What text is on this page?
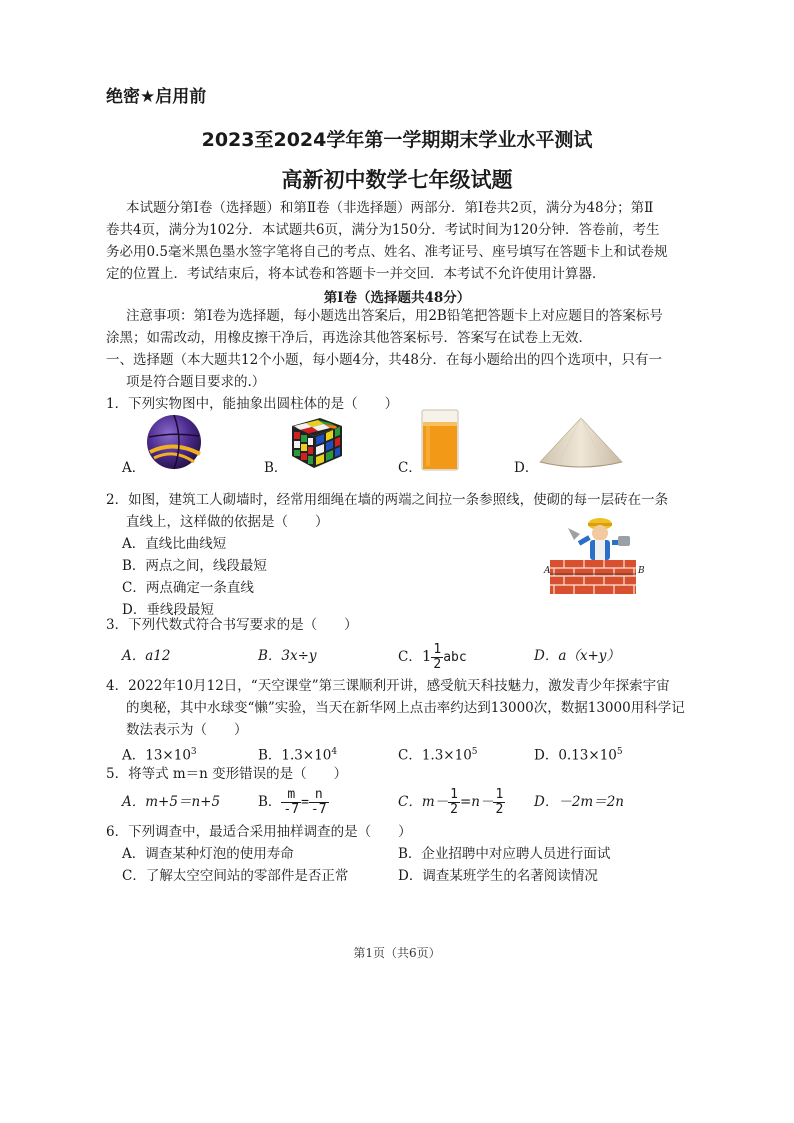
绝密★启用前
2023至2024学年第一学期期末学业水平测试
高新初中数学七年级试题
本试题分第Ⅰ卷（选择题）和第Ⅱ卷（非选择题）两部分．第Ⅰ卷共2页，满分为48分；第Ⅱ
卷共4页，满分为102分．本试题共6页，满分为150分．考试时间为120分钟．答卷前，考生
务必用0.5毫米黑色墨水签字笔将自己的考点、姓名、准考证号、座号填写在答题卡上和试卷规
定的位置上．考试结束后，将本试卷和答题卡一并交回．本考试不允许使用计算器．
第Ⅰ卷（选择题共48分）
注意事项：第Ⅰ卷为选择题，每小题选出答案后，用2B铅笔把答题卡上对应题目的答案标号
涂黑；如需改动，用橡皮擦干净后，再选涂其他答案标号．答案写在试卷上无效．
一、选择题（本大题共12个小题，每小题4分，共48分．在每小题给出的四个选项中，只有一
项是符合题目要求的.）
1．下列实物图中，能抽象出圆柱体的是（　　）
A．	B．	C．	D．
2．如图，建筑工人砌墙时，经常用细绳在墙的两端之间拉一条参照线，使砌的每一层砖在一条
直线上，这样做的依据是（　　）
A．直线比曲线短
B．两点之间，线段最短
C．两点确定一条直线
D．垂线段最短
A	B
3．下列代数式符合书写要求的是（　　）
A．a12	B．3x÷y	C．$1 \frac{1}{2}$ abc	D．a（x+y）
4．2022年10月12日，“天空课堂”第三课顺利开讲，感受航天科技魅力，激发青少年探索宇宙
的奥秘，其中水球变“懒”实验，当天在新华网上点击率约达到13000次，数据13000用科学记
数法表示为（　　）
A．$13\times 10^3$	B．$1.3\times 10^4$	C．$1.3\times 10^5$	D．$0.13\times 10^5$
5．将等式 m＝n 变形错误的是（　　）
A．m+5＝n+5	B． $\frac{m}{-7} = \frac{n}{-7}$	C．$m- \frac{1}{2} =n- \frac{1}{2}$ D．－2m＝2n
6．下列调查中，最适合采用抽样调查的是（　　）
A．调查某种灯泡的使用寿命	B．企业招聘中对应聘人员进行面试
C．了解太空空间站的零部件是否正常	D．调查某班学生的名著阅读情况
第1页（共6页）
